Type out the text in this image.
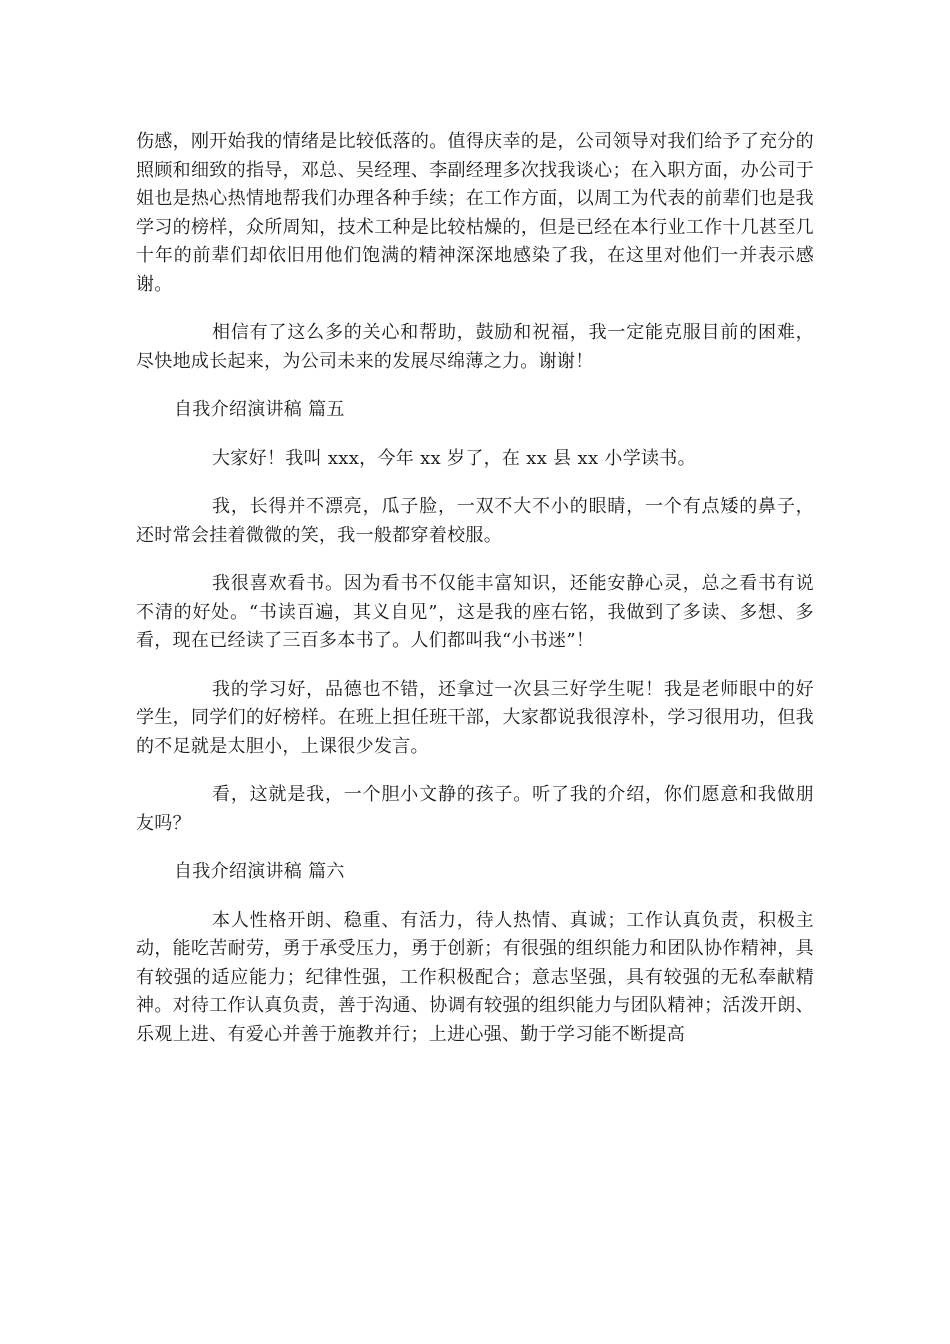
伤感，刚开始我的情绪是比较低落的。值得庆幸的是，公司领导对我们给予了充分的照顾和细致的指导，邓总、吴经理、李副经理多次找我谈心；在入职方面，办公司于姐也是热心热情地帮我们办理各种手续；在工作方面，以周工为代表的前辈们也是我学习的榜样，众所周知，技术工种是比较枯燥的，但是已经在本行业工作十几甚至几十年的前辈们却依旧用他们饱满的精神深深地感染了我，在这里对他们一并表示感谢。

相信有了这么多的关心和帮助，鼓励和祝福，我一定能克服目前的困难，尽快地成长起来，为公司未来的发展尽绵薄之力。谢谢！

自我介绍演讲稿 篇五

大家好！我叫 xxx，今年 xx 岁了，在 xx 县 xx 小学读书。

我，长得并不漂亮，瓜子脸，一双不大不小的眼睛，一个有点矮的鼻子，还时常会挂着微微的笑，我一般都穿着校服。

我很喜欢看书。因为看书不仅能丰富知识，还能安静心灵，总之看书有说不清的好处。“书读百遍，其义自见”，这是我的座右铭，我做到了多读、多想、多看，现在已经读了三百多本书了。人们都叫我“小书迷”！

我的学习好，品德也不错，还拿过一次县三好学生呢！我是老师眼中的好学生，同学们的好榜样。在班上担任班干部，大家都说我很淳朴，学习很用功，但我的不足就是太胆小，上课很少发言。

看，这就是我，一个胆小文静的孩子。听了我的介绍，你们愿意和我做朋友吗？

自我介绍演讲稿 篇六

本人性格开朗、稳重、有活力，待人热情、真诚；工作认真负责，积极主动，能吃苦耐劳，勇于承受压力，勇于创新；有很强的组织能力和团队协作精神，具有较强的适应能力；纪律性强，工作积极配合；意志坚强，具有较强的无私奉献精神。对待工作认真负责，善于沟通、协调有较强的组织能力与团队精神；活泼开朗、乐观上进、有爱心并善于施教并行；上进心强、勤于学习能不断提高
